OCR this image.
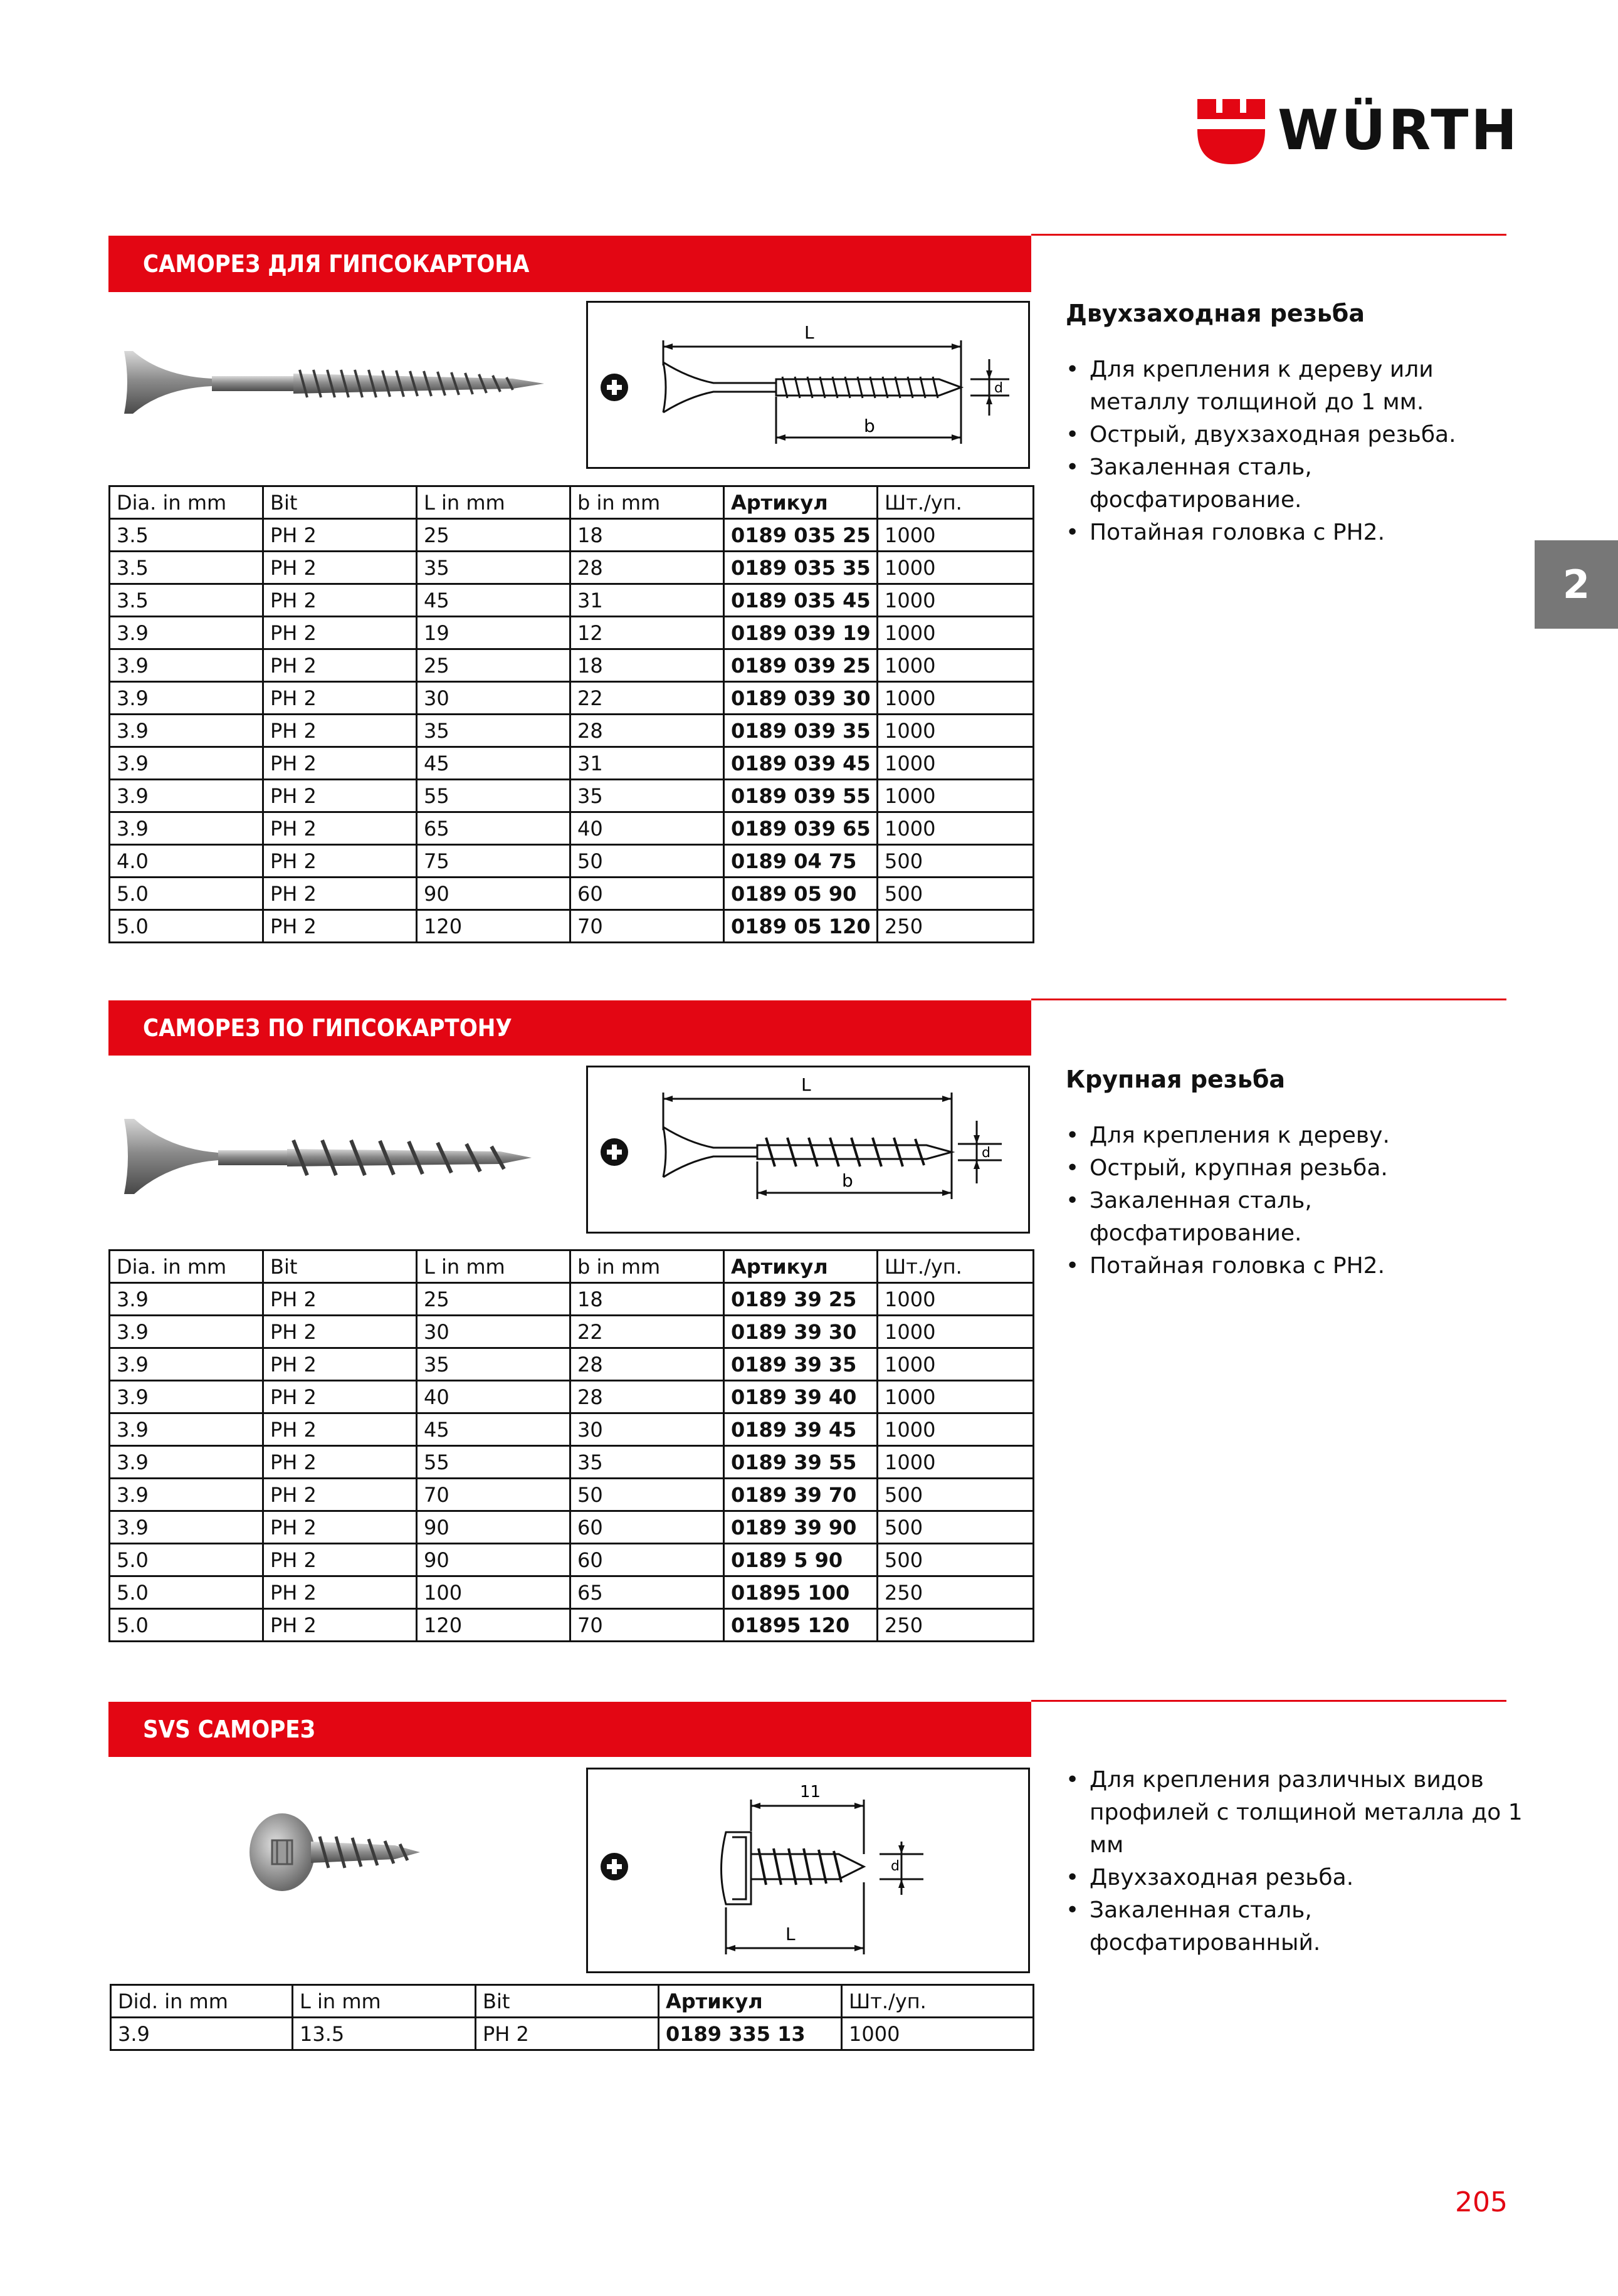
WÜRTH
2
САМОРЕЗ ДЛЯ ГИПСОКАРТОНА
L
b
d
Dia. in mm	Bit	L in mm	b in mm	Артикул	Шт./уп.
3.5	PH 2	25	18	0189 035 25	1000
3.5	PH 2	35	28	0189 035 35	1000
3.5	PH 2	45	31	0189 035 45	1000
3.9	PH 2	19	12	0189 039 19	1000
3.9	PH 2	25	18	0189 039 25	1000
3.9	PH 2	30	22	0189 039 30	1000
3.9	PH 2	35	28	0189 039 35	1000
3.9	PH 2	45	31	0189 039 45	1000
3.9	PH 2	55	35	0189 039 55	1000
3.9	PH 2	65	40	0189 039 65	1000
4.0	PH 2	75	50	0189 04 75	500
5.0	PH 2	90	60	0189 05 90	500
5.0	PH 2	120	70	0189 05 120	250
Двухзаходная резьба
• Для крепления к дереву или металлу толщиной до 1 мм.
• Острый, двухзаходная резьба.
• Закаленная сталь, фосфатирование.
• Потайная головка с PH2.
САМОРЕЗ ПО ГИПСОКАРТОНУ
L
b
d
Dia. in mm	Bit	L in mm	b in mm	Артикул	Шт./уп.
3.9	PH 2	25	18	0189 39 25	1000
3.9	PH 2	30	22	0189 39 30	1000
3.9	PH 2	35	28	0189 39 35	1000
3.9	PH 2	40	28	0189 39 40	1000
3.9	PH 2	45	30	0189 39 45	1000
3.9	PH 2	55	35	0189 39 55	1000
3.9	PH 2	70	50	0189 39 70	500
3.9	PH 2	90	60	0189 39 90	500
5.0	PH 2	90	60	0189 5 90	500
5.0	PH 2	100	65	01895 100	250
5.0	PH 2	120	70	01895 120	250
Крупная резьба
• Для крепления к дереву.
• Острый, крупная резьба.
• Закаленная сталь, фосфатирование.
• Потайная головка с PH2.
SVS САМОРЕЗ
11
L
d
Did. in mm	L in mm	Bit	Артикул	Шт./уп.
3.9	13.5	PH 2	0189 335 13	1000
• Для крепления различных видов профилей с толщиной металла до 1 мм
• Двухзаходная резьба.
• Закаленная сталь, фосфатированный.
205
